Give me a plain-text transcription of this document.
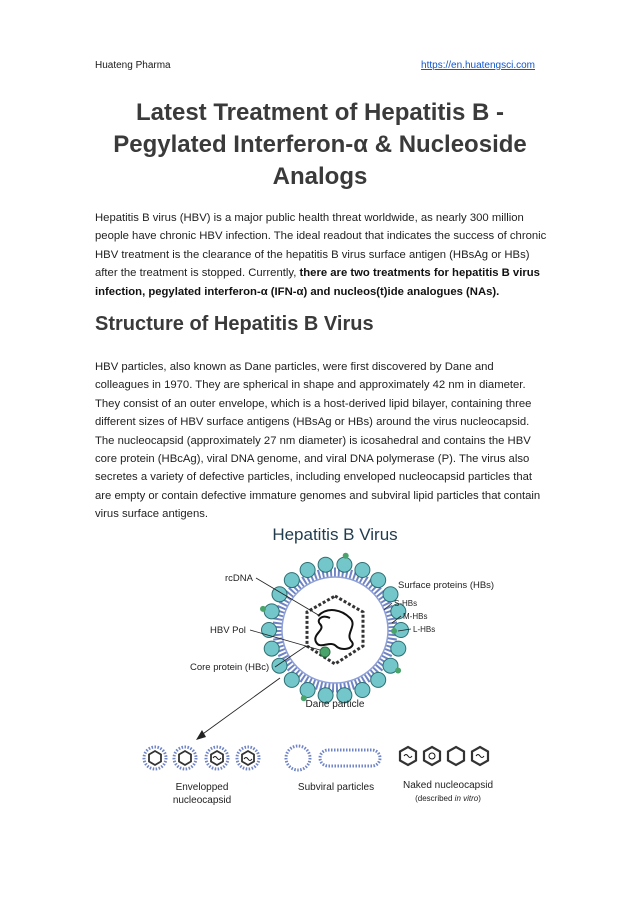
Huateng Pharma	https://en.huatengsci.com
Latest Treatment of Hepatitis B - Pegylated Interferon-α & Nucleoside Analogs

Hepatitis B virus (HBV) is a major public health threat worldwide, as nearly 300 million people have chronic HBV infection. The ideal readout that indicates the success of chronic HBV treatment is the clearance of the hepatitis B virus surface antigen (HBsAg or HBs) after the treatment is stopped. Currently, there are two treatments for hepatitis B virus infection, pegylated interferon-α (IFN-α) and nucleos(t)ide analogues (NAs).

Structure of Hepatitis B Virus

HBV particles, also known as Dane particles, were first discovered by Dane and colleagues in 1970. They are spherical in shape and approximately 42 nm in diameter. They consist of an outer envelope, which is a host-derived lipid bilayer, containing three different sizes of HBV surface antigens (HBsAg or HBs) around the virus nucleocapsid. The nucleocapsid (approximately 27 nm diameter) is icosahedral and contains the HBV core protein (HBcAg), viral DNA genome, and viral DNA polymerase (P). The virus also secretes a variety of defective particles, including enveloped nucleocapsid particles that are empty or contain defective immature genomes and subviral lipid particles that contain virus surface antigens.

Hepatitis B Virus
rcDNA
HBV Pol
Core protein (HBc)
Surface proteins (HBs)
S-HBs
M-HBs
L-HBs
Dane particle
Envelopped
nucleocapsid
Subviral particles	Naked nucleocapsid
(described in vitro)
